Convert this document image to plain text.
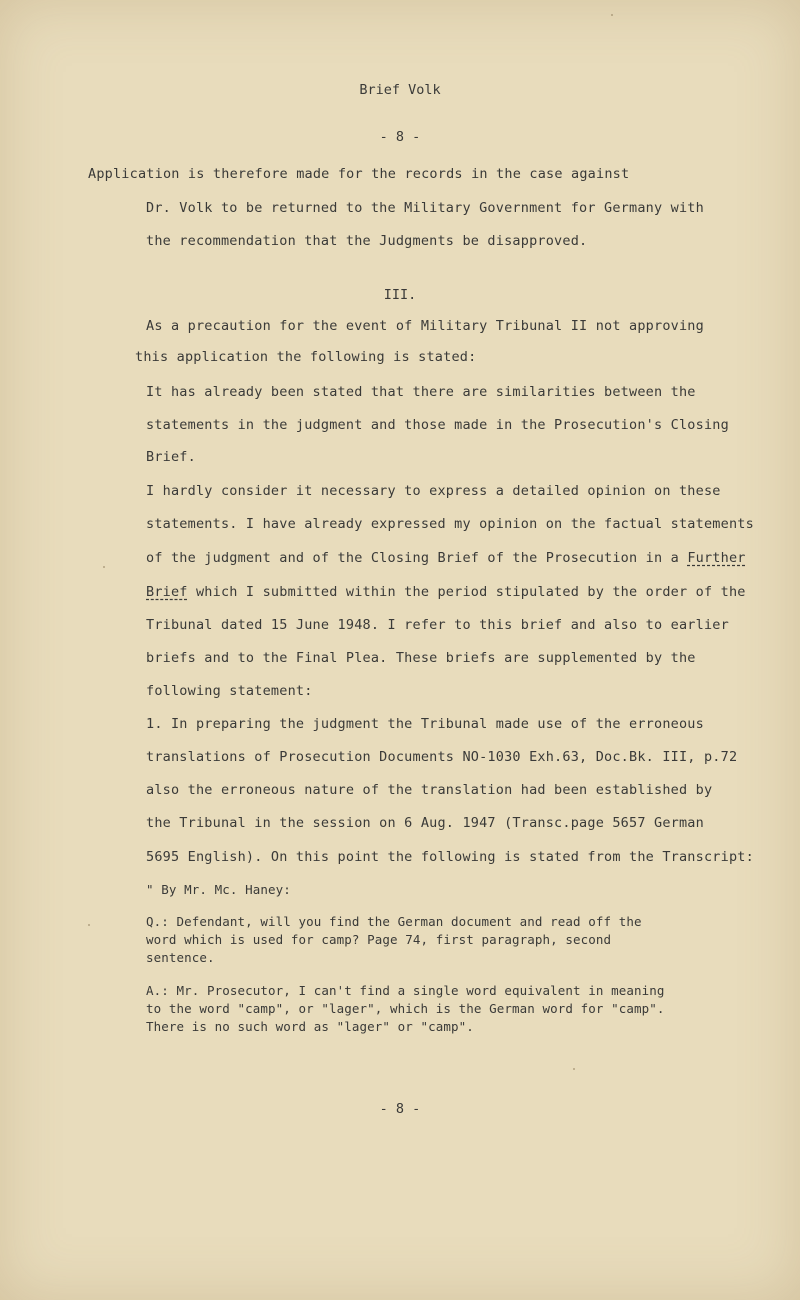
Brief Volk
- 8 -
Application is therefore made for the records in the case against
Dr. Volk to be returned to the Military Government for Germany with
the recommendation that the Judgments be disapproved.
III.
As a precaution for the event of Military Tribunal II not approving
this application the following is stated:
It has already been stated that there are similarities between the
statements in the judgment and those made in the Prosecution's Closing
Brief.
I hardly consider it necessary to express a detailed opinion on these
statements. I have already expressed my opinion on the factual statements
of the judgment and of the Closing Brief of the Prosecution in a Further
Brief which I submitted within the period stipulated by the order of the
Tribunal dated 15 June 1948. I refer to this brief and also to earlier
briefs and to the Final Plea. These briefs are supplemented by the
following statement:
1. In preparing the judgment the Tribunal made use of the erroneous
translations of Prosecution Documents NO-1030 Exh.63, Doc.Bk. III, p.72
also the erroneous nature of the translation had been established by
the Tribunal in the session on 6 Aug. 1947 (Transc.page 5657 German
5695 English). On this point the following is stated from the Transcript:
" By Mr. Mc. Haney:
Q.: Defendant, will you find the German document and read off the
word which is used for camp? Page 74, first paragraph, second
sentence.
A.: Mr. Prosecutor, I can't find a single word equivalent in meaning
to the word "camp", or "lager", which is the German word for "camp".
There is no such word as "lager" or "camp".
- 8 -
